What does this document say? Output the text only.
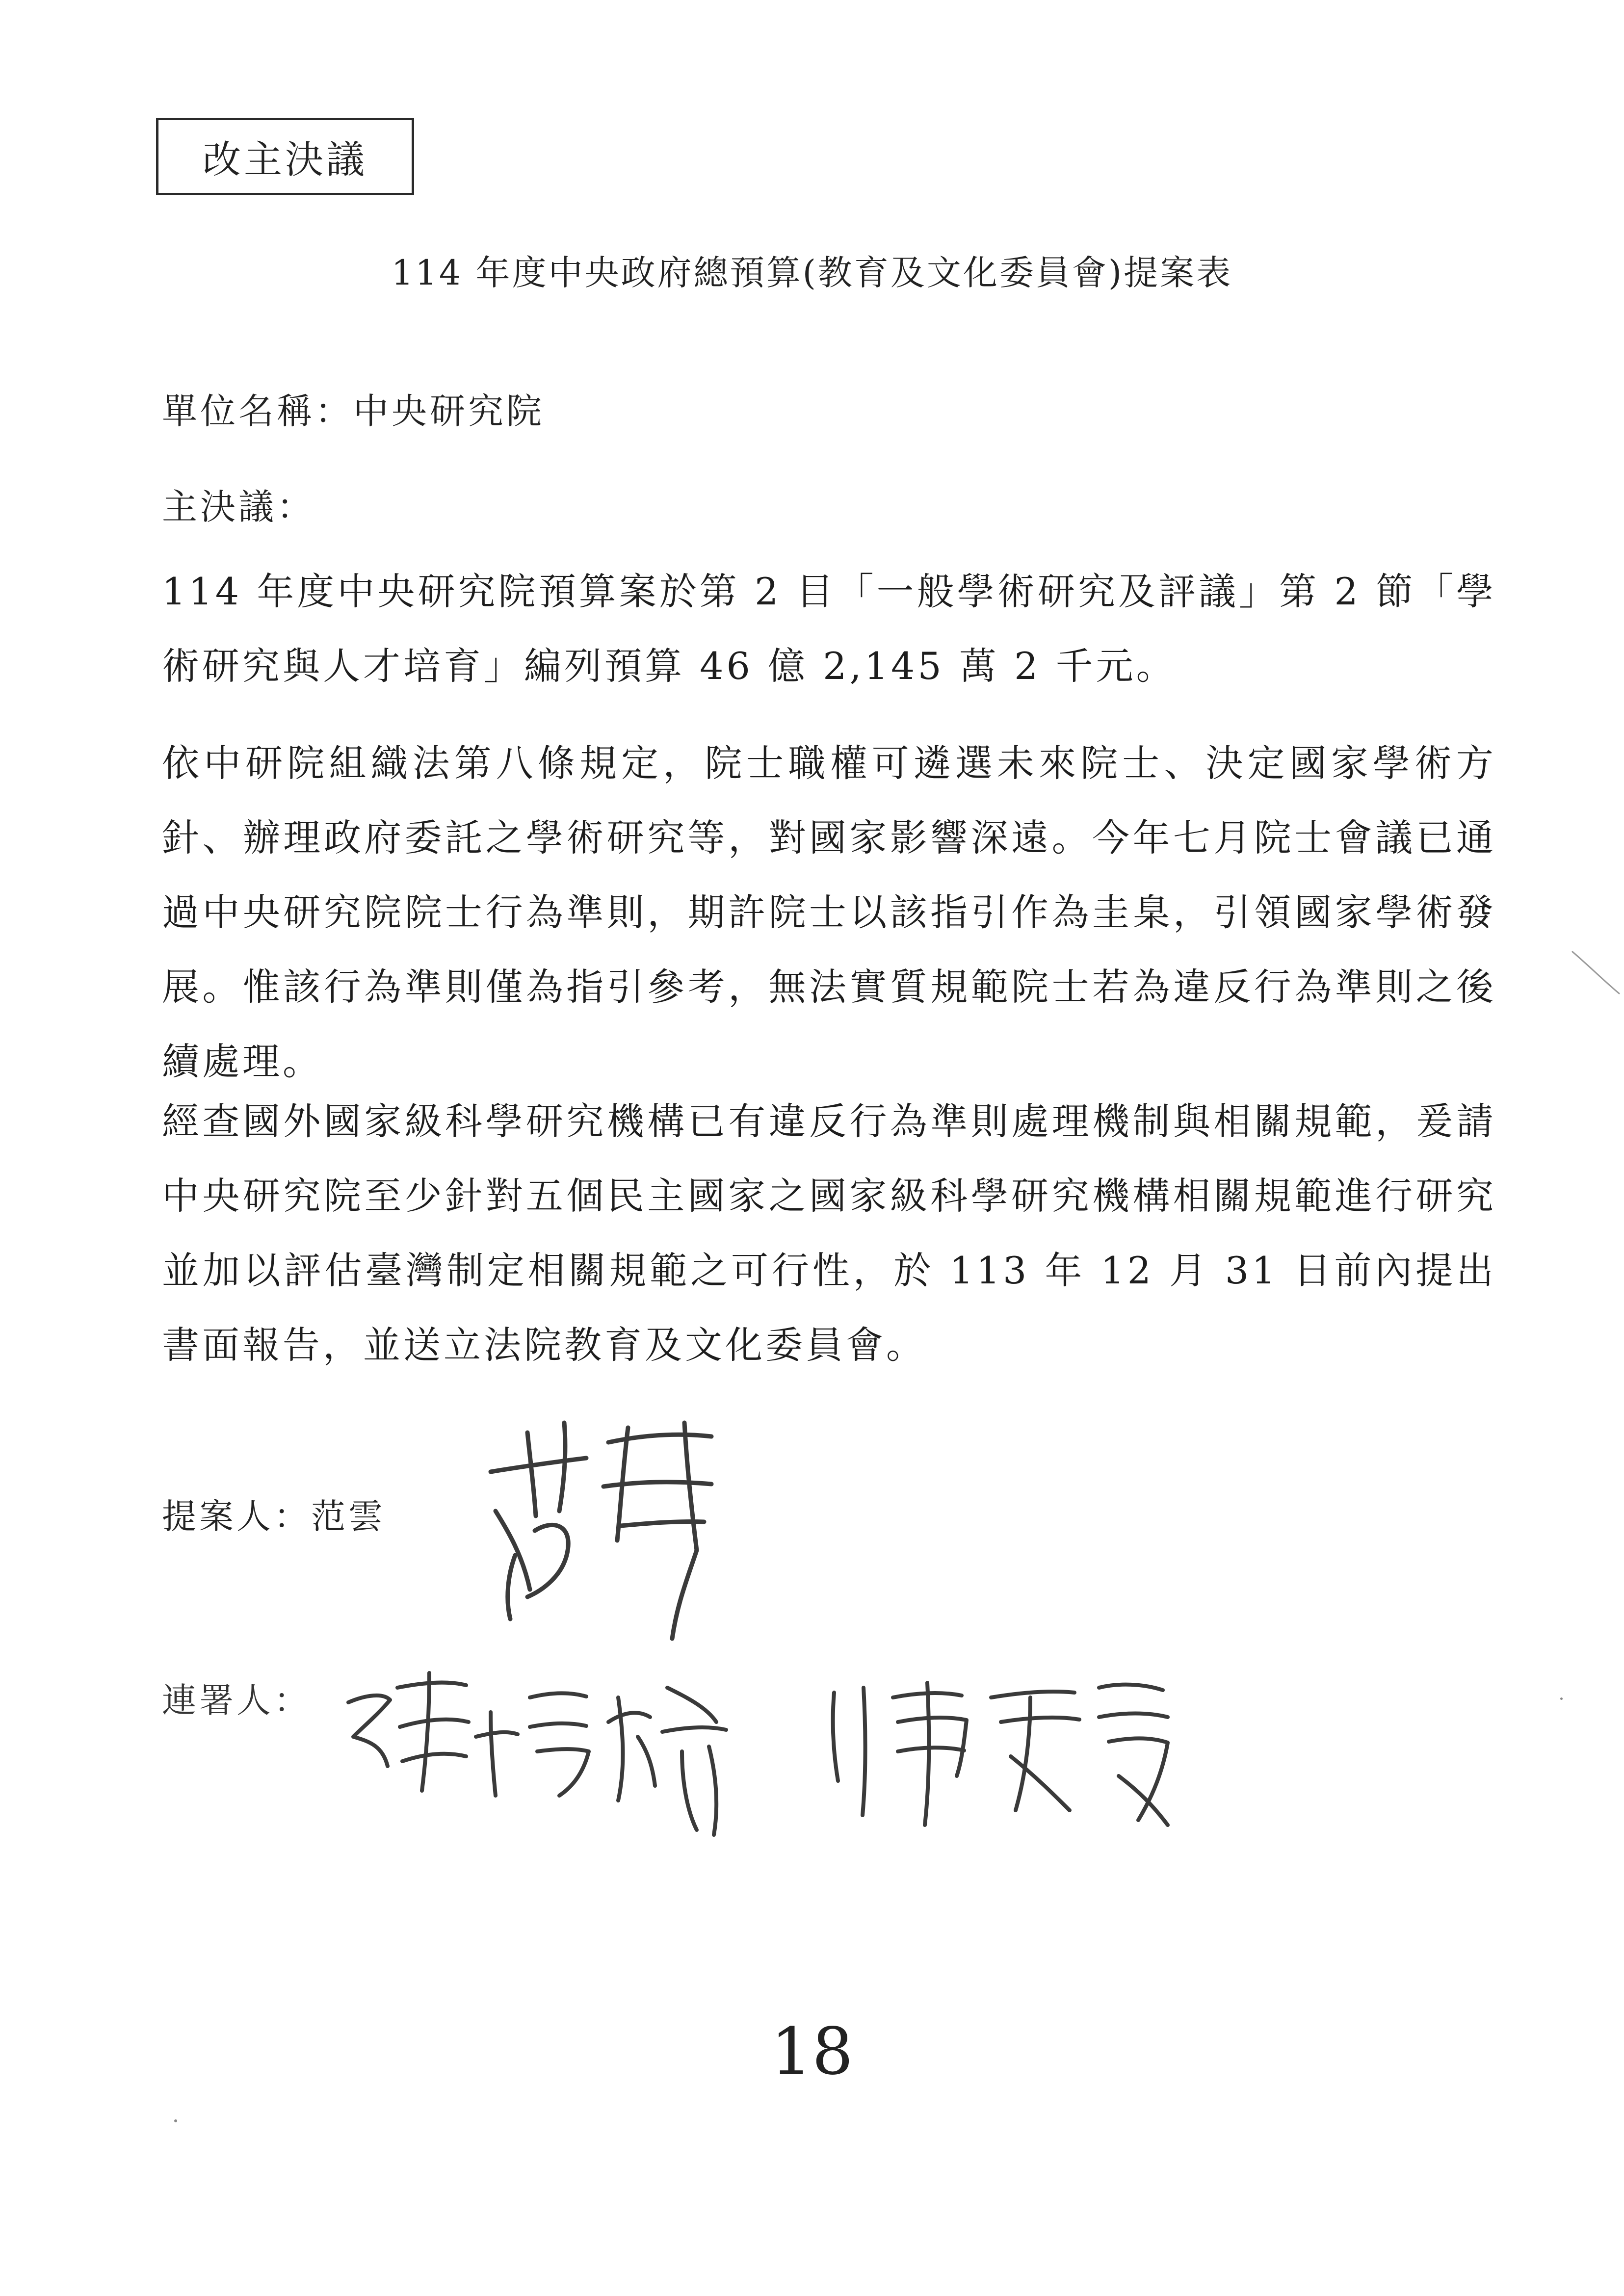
改主決議
114 年度中央政府總預算(教育及文化委員會)提案表
單位名稱：中央研究院
主決議：
114 年度中央研究院預算案於第 2 目「一般學術研究及評議」第 2 節「學術研究與人才培育」編列預算 46 億 2,145 萬 2 千元。
依中研院組織法第八條規定，院士職權可遴選未來院士、決定國家學術方針、辦理政府委託之學術研究等，對國家影響深遠。今年七月院士會議已通過中央研究院院士行為準則，期許院士以該指引作為圭臬，引領國家學術發展。惟該行為準則僅為指引參考，無法實質規範院士若為違反行為準則之後續處理。
經查國外國家級科學研究機構已有違反行為準則處理機制與相關規範，爰請中央研究院至少針對五個民主國家之國家級科學研究機構相關規範進行研究並加以評估臺灣制定相關規範之可行性，於 113 年 12 月 31 日前內提出書面報告，並送立法院教育及文化委員會。
提案人：范雲
連署人：
18
